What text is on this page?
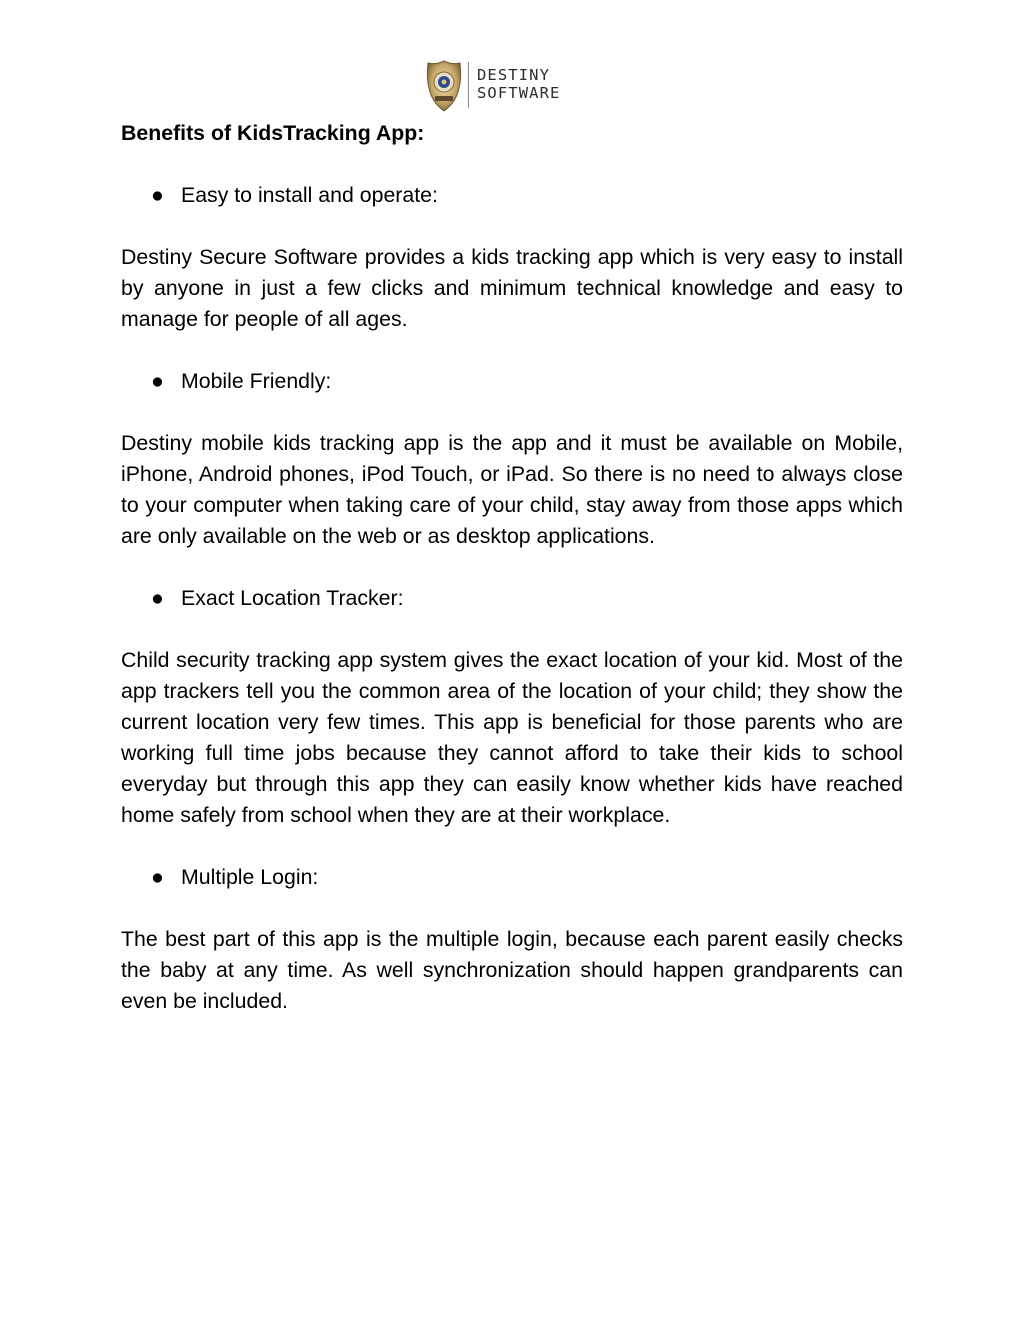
DESTINY
SOFTWARE

Benefits of KidsTracking App:

● Easy to install and operate:

Destiny Secure Software provides a kids tracking app which is very easy to install by anyone in just a few clicks and minimum technical knowledge and easy to manage for people of all ages.

● Mobile Friendly:

Destiny mobile kids tracking app is the app and it must be available on Mobile, iPhone, Android phones, iPod Touch, or iPad. So there is no need to always close to your computer when taking care of your child, stay away from those apps which are only available on the web or as desktop applications.

● Exact Location Tracker:

Child security tracking app system gives the exact location of your kid. Most of the app trackers tell you the common area of the location of your child; they show the current location very few times. This app is beneficial for those parents who are working full time jobs because they cannot afford to take their kids to school everyday but through this app they can easily know whether kids have reached home safely from school when they are at their workplace.

● Multiple Login:

The best part of this app is the multiple login, because each parent easily checks the baby at any time. As well synchronization should happen grandparents can even be included.
